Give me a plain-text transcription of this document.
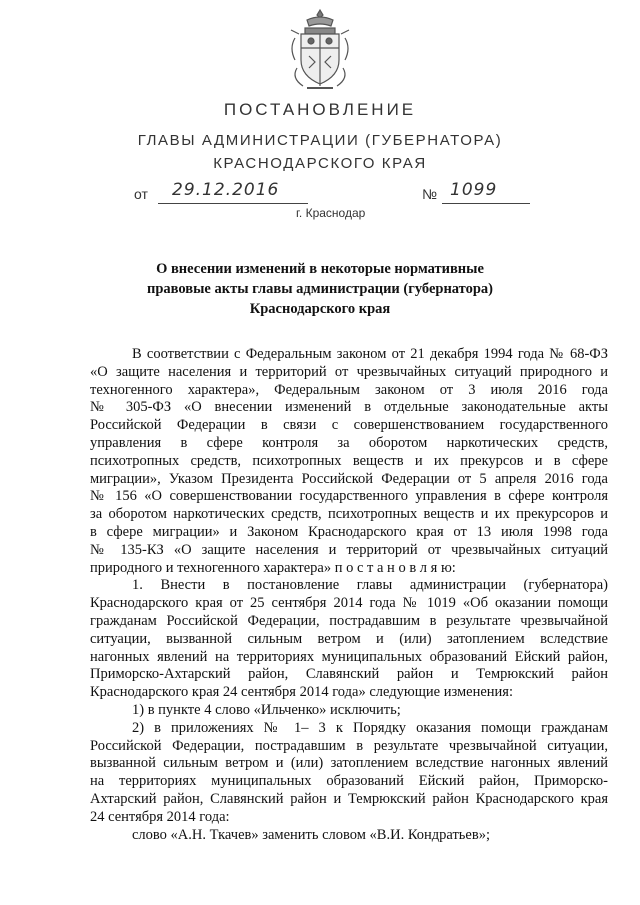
ПОСТАНОВЛЕНИЕ
ГЛАВЫ АДМИНИСТРАЦИИ (ГУБЕРНАТОРА)
КРАСНОДАРСКОГО КРАЯ
от 29.12.2016	№ 1099
г. Краснодар
О внесении изменений в некоторые нормативные
правовые акты главы администрации (губернатора)
Краснодарского края

В соответствии с Федеральным законом от 21 декабря 1994 года № 68-ФЗ

«О защите населения и территорий от чрезвычайных ситуаций природного и

техногенного характера», Федеральным законом от 3 июля 2016 года

№ 305-ФЗ «О внесении изменений в отдельные законодательные акты

Российской Федерации в связи с совершенствованием государственного

управления в сфере контроля за оборотом наркотических средств,

психотропных средств, психотропных веществ и их прекурсов и в сфере

миграции», Указом Президента Российской Федерации от 5 апреля 2016 года

№ 156 «О совершенствовании государственного управления в сфере контроля

за оборотом наркотических средств, психотропных веществ и их прекурсоров и

в сфере миграции» и Законом Краснодарского края от 13 июля 1998 года

№ 135-КЗ «О защите населения и территорий от чрезвычайных ситуаций

природного и техногенного характера» п о с т а н о в л я ю:

1. Внести в постановление главы администрации (губернатора)

Краснодарского края от 25 сентября 2014 года № 1019 «Об оказании помощи

гражданам Российской Федерации, пострадавшим в результате чрезвычайной

ситуации, вызванной сильным ветром и (или) затоплением вследствие

нагонных явлений на территориях муниципальных образований Ейский район,

Приморско-Ахтарский район, Славянский район и Темрюкский район

Краснодарского края 24 сентября 2014 года» следующие изменения:

1) в пункте 4 слово «Ильченко» исключить;

2) в приложениях № 1– 3 к Порядку оказания помощи гражданам

Российской Федерации, пострадавшим в результате чрезвычайной ситуации,

вызванной сильным ветром и (или) затоплением вследствие нагонных явлений

на территориях муниципальных образований Ейский район, Приморско-

Ахтарский район, Славянский район и Темрюкский район Краснодарского края

24 сентября 2014 года:

слово «А.Н. Ткачев» заменить словом «В.И. Кондратьев»;
